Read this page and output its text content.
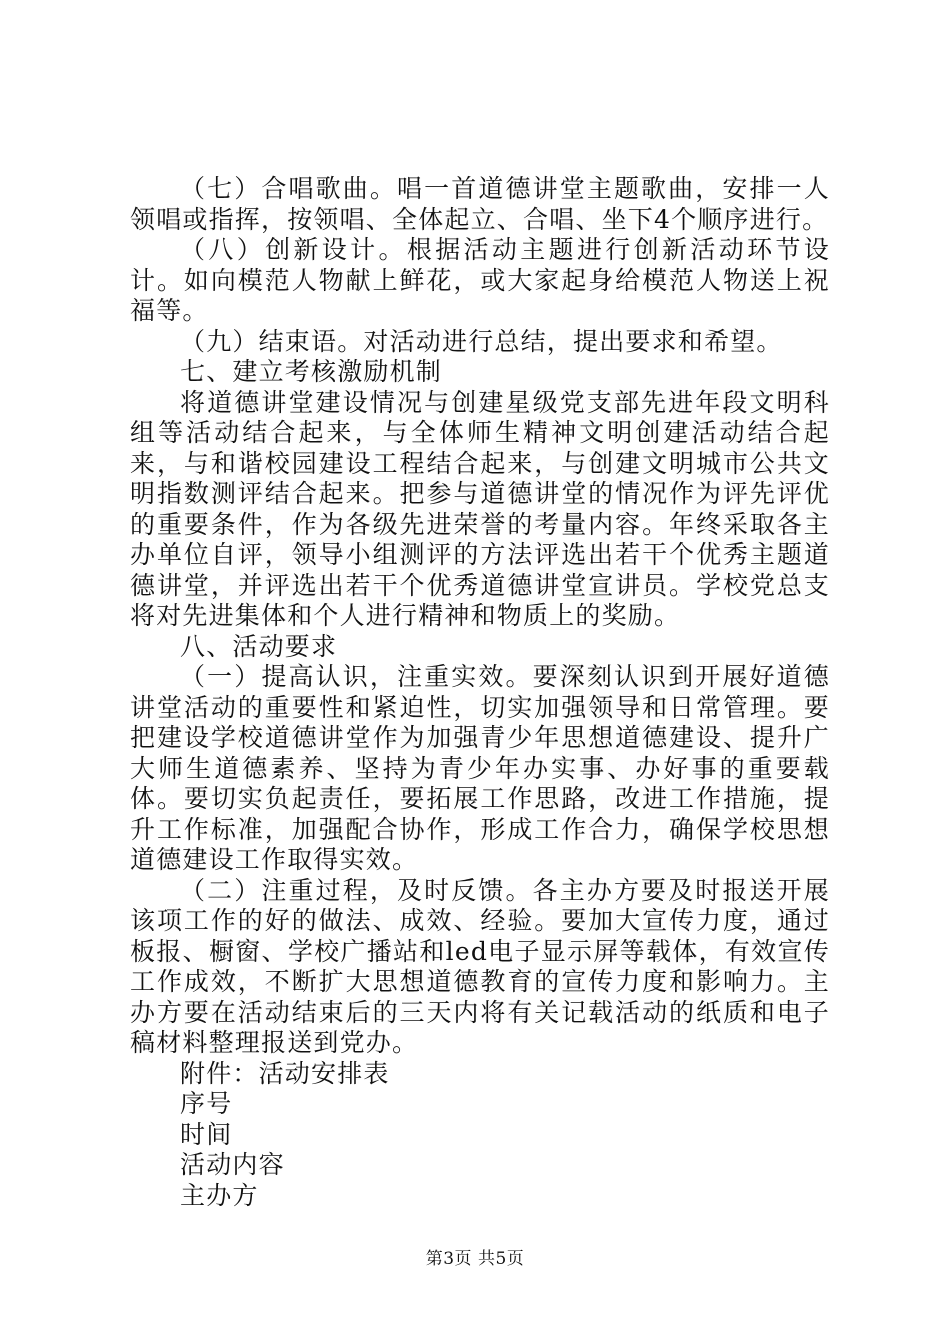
（七）合唱歌曲。唱一首道德讲堂主题歌曲，安排一人领唱或指挥，按领唱、全体起立、合唱、坐下4个顺序进行。

（八）创新设计。根据活动主题进行创新活动环节设计。如向模范人物献上鲜花，或大家起身给模范人物送上祝福等。

（九）结束语。对活动进行总结，提出要求和希望。

七、建立考核激励机制

将道德讲堂建设情况与创建星级党支部先进年段文明科组等活动结合起来，与全体师生精神文明创建活动结合起来，与和谐校园建设工程结合起来，与创建文明城市公共文明指数测评结合起来。把参与道德讲堂的情况作为评先评优的重要条件，作为各级先进荣誉的考量内容。年终采取各主办单位自评，领导小组测评的方法评选出若干个优秀主题道德讲堂，并评选出若干个优秀道德讲堂宣讲员。学校党总支将对先进集体和个人进行精神和物质上的奖励。

八、活动要求

（一）提高认识，注重实效。要深刻认识到开展好道德讲堂活动的重要性和紧迫性，切实加强领导和日常管理。要把建设学校道德讲堂作为加强青少年思想道德建设、提升广大师生道德素养、坚持为青少年办实事、办好事的重要载体。要切实负起责任，要拓展工作思路，改进工作措施，提升工作标准，加强配合协作，形成工作合力，确保学校思想道德建设工作取得实效。

（二）注重过程，及时反馈。各主办方要及时报送开展该项工作的好的做法、成效、经验。要加大宣传力度，通过板报、橱窗、学校广播站和led电子显示屏等载体，有效宣传工作成效，不断扩大思想道德教育的宣传力度和影响力。主办方要在活动结束后的三天内将有关记载活动的纸质和电子稿材料整理报送到党办。

附件：活动安排表

序号

时间

活动内容

主办方

第3页 共5页
